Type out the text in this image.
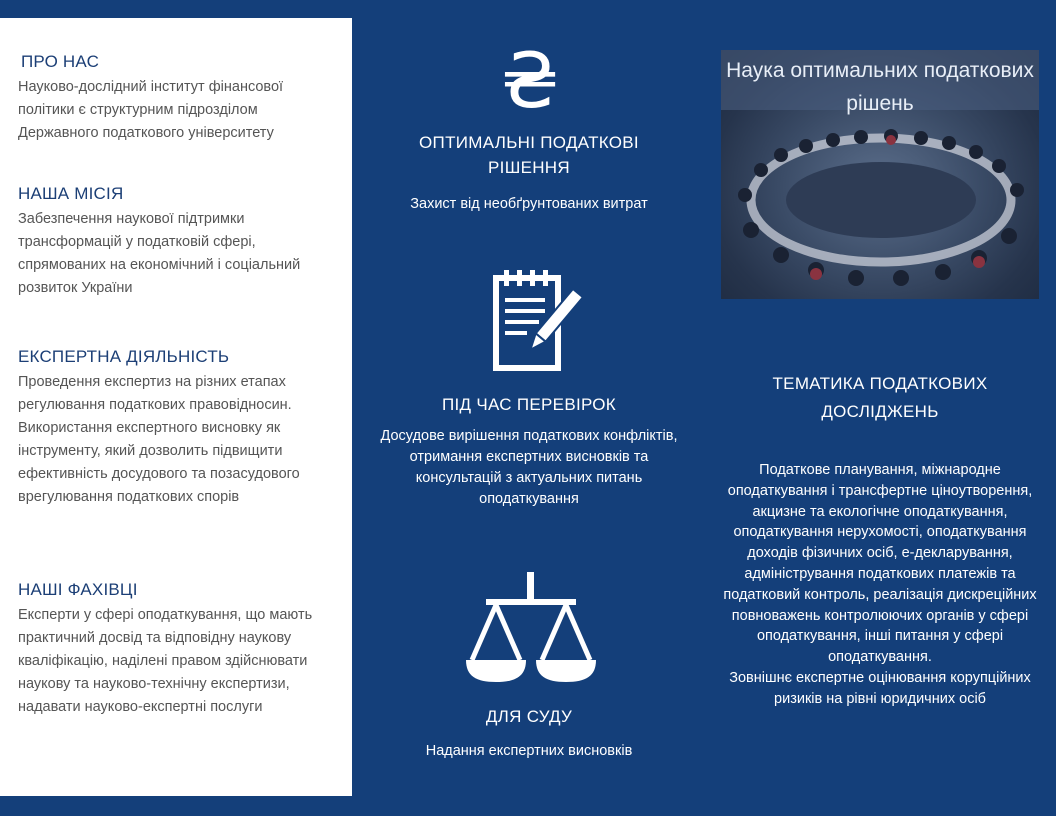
ПРО НАС

Науково-дослідний інститут фінансової політики є структурним підрозділом Державного податкового університету

НАША МІСІЯ

Забезпечення наукової підтримки трансформацій у податковій сфері, спрямованих на економічний і соціальний розвиток України

ЕКСПЕРТНА ДІЯЛЬНІСТЬ

Проведення експертиз на різних етапах регулювання податкових правовідносин. Використання експертного висновку як інструменту, який дозволить підвищити ефективність досудового та позасудового врегулювання податкових спорів

НАШІ ФАХІВЦІ

Експерти у сфері оподаткування, що мають практичний досвід та відповідну наукову кваліфікацію, наділені правом здійснювати наукову та науково-технічну експертизи, надавати науково-експертні послуги

₴
ОПТИМАЛЬНІ ПОДАТКОВІ РІШЕННЯ

Захист від необґрунтованих витрат

ПІД ЧАС ПЕРЕВІРОК

Досудове вирішення податкових конфліктів, отримання експертних висновків та консультацій з актуальних питань оподаткування

ДЛЯ СУДУ

Надання експертних висновків

Наука оптимальних податкових рішень
ТЕМАТИКА ПОДАТКОВИХ ДОСЛІДЖЕНЬ

Податкове планування, міжнародне оподаткування і трансфертне ціноутворення, акцизне та екологічне оподаткування, оподаткування нерухомості, оподаткування доходів фізичних осіб, е-декларування, адміністрування податкових платежів та податковий контроль, реалізація дискреційних повноважень контролюючих органів у сфері оподаткування, інші питання у сфері оподаткування.

Зовнішнє експертне оцінювання корупційних ризиків на рівні юридичних осіб
